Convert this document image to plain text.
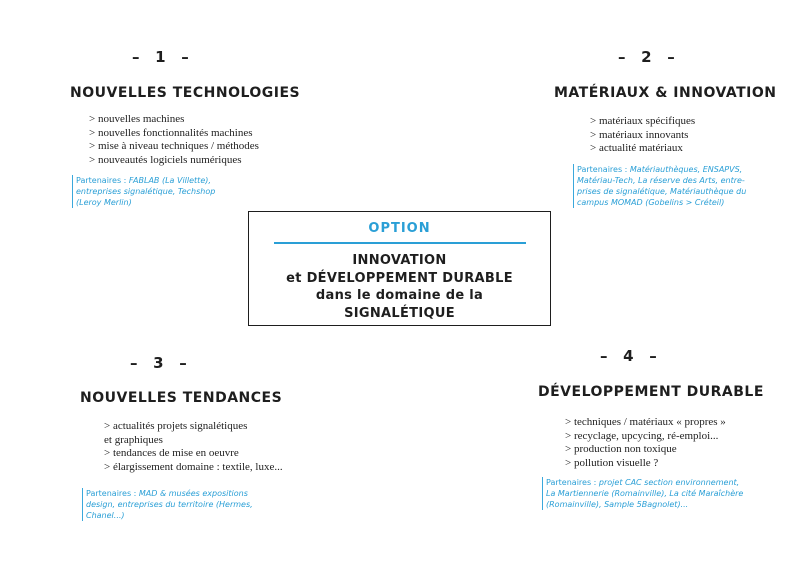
–   1   –
NOUVELLES TECHNOLOGIES
> nouvelles machines
> nouvelles fonctionnalités machines
> mise à niveau techniques / méthodes
> nouveautés logiciels numériques
Partenaires : FABLAB (La Villette),
entreprises signalétique, Techshop
(Leroy Merlin)
–   2   –
MATÉRIAUX & INNOVATION
> matériaux spécifiques
> matériaux innovants
> actualité matériaux
Partenaires : Matériauthèques, ENSAPVS,
Matériau-Tech, La réserve des Arts, entre-
prises de signalétique, Matériauthèque du
campus MOMAD (Gobelins > Créteil)
OPTION
INNOVATION
et DÉVELOPPEMENT DURABLE
dans le domaine de la
SIGNALÉTIQUE
–   3   –
NOUVELLES TENDANCES
> actualités projets signalétiques
et graphiques
> tendances de mise en oeuvre
> élargissement domaine : textile, luxe...
Partenaires : MAD & musées expositions
design, entreprises du territoire (Hermes,
Chanel...)
–   4   –
DÉVELOPPEMENT DURABLE
> techniques / matériaux « propres »
> recyclage, upcycing, ré-emploi...
> production non toxique
> pollution visuelle ?
Partenaires : projet CAC section environnement,
La Martiennerie (Romainville), La cité Maraîchère
(Romainville), Sample 5Bagnolet)...
